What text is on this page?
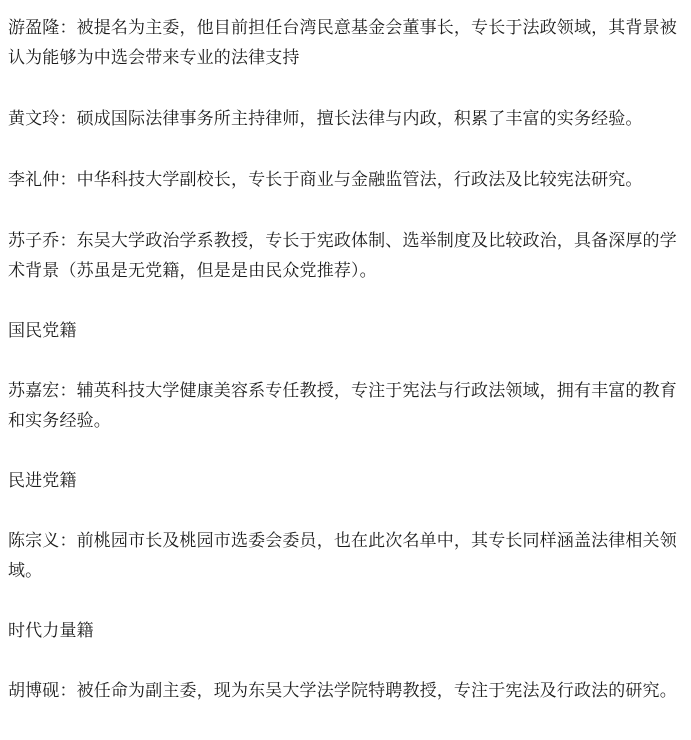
游盈隆：被提名为主委，他目前担任台湾民意基金会董事长，专长于法政领域，其背景被认为能够为中选会带来专业的法律支持

黄文玲：硕成国际法律事务所主持律师，擅长法律与内政，积累了丰富的实务经验。

李礼仲：中华科技大学副校长，专长于商业与金融监管法，行政法及比较宪法研究。

苏子乔：东吴大学政治学系教授，专长于宪政体制、选举制度及比较政治，具备深厚的学术背景（苏虽是无党籍，但是是由民众党推荐）。

国民党籍

苏嘉宏：辅英科技大学健康美容系专任教授，专注于宪法与行政法领域，拥有丰富的教育和实务经验。

民进党籍

陈宗义：前桃园市长及桃园市选委会委员，也在此次名单中，其专长同样涵盖法律相关领域。

时代力量籍

胡博砚：被任命为副主委，现为东吴大学法学院特聘教授，专注于宪法及行政法的研究。
